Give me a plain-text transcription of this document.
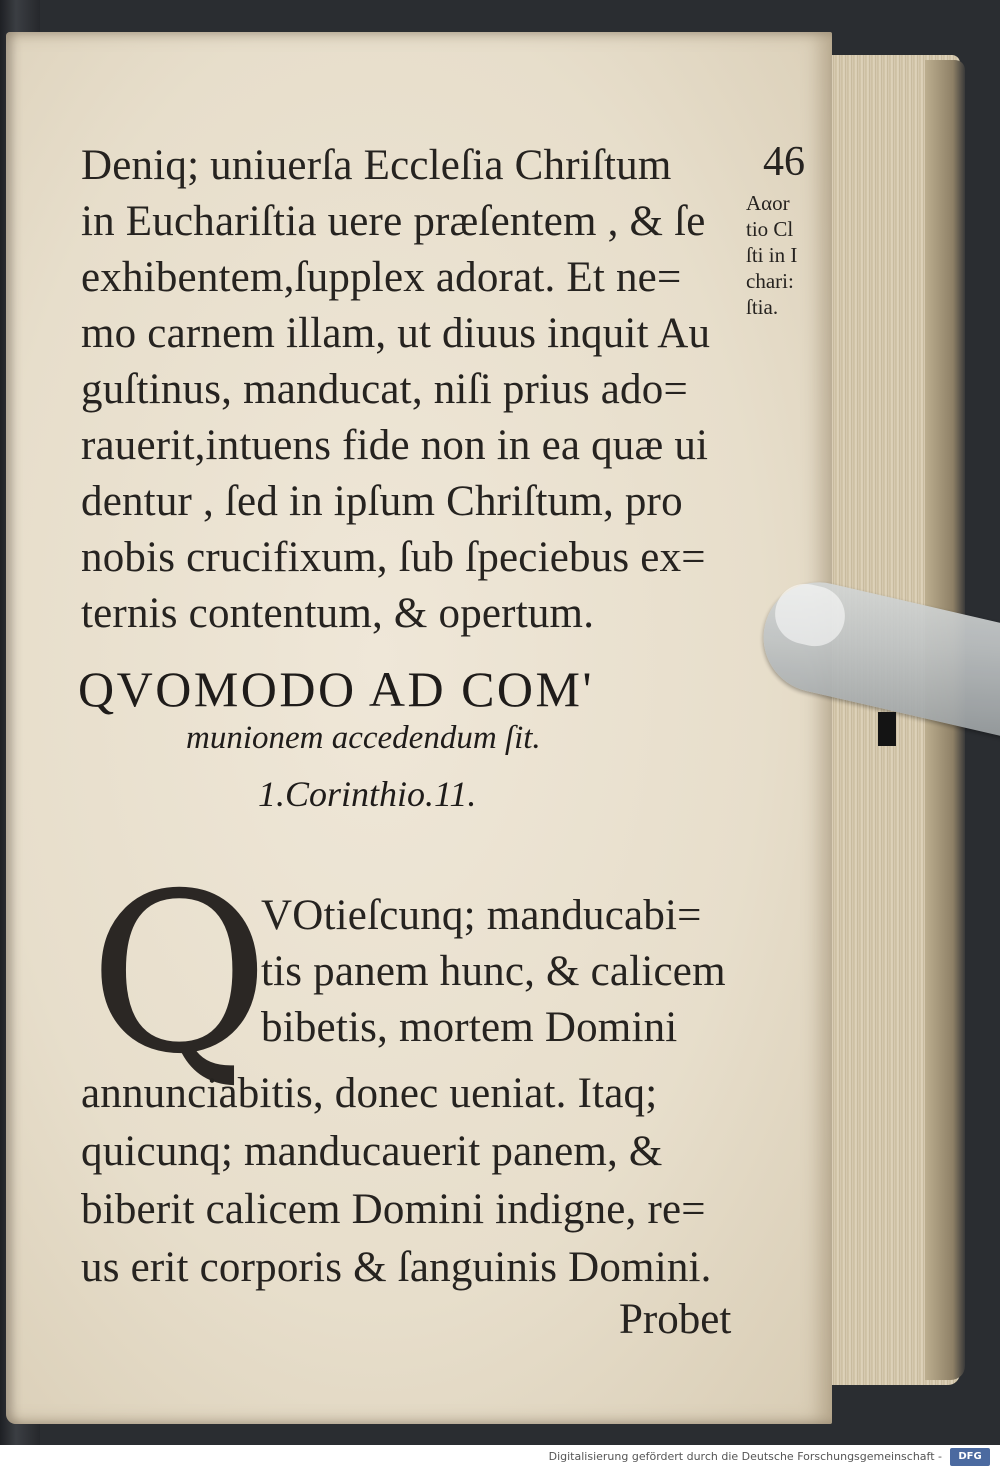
46
Deniq; uniuerſa Eccleſia Chriſtum
in Euchariſtia uere præſentem , & ſe
exhibentem,ſupplex adorat. Et ne=
mo carnem illam, ut diuus inquit Au
guſtinus, manducat, niſi prius ado=
rauerit,intuens fide non in ea quæ ui
dentur , ſed in ipſum Chriſtum, pro
nobis crucifixum, ſub ſpeciebus ex=
ternis contentum, & opertum.
Aαor
tio Cl
ſti in I
chari:
ſtia.
QVOMODO AD COM'
munionem accedendum ſit.
1.Corinthio.11.
Q
VOtieſcunq; manducabi=
tis panem hunc, & calicem
bibetis, mortem Domini
annunciabitis, donec ueniat. Itaq;
quicunq; manducauerit panem, &
biberit calicem Domini indigne, re=
us erit corporis & ſanguinis Domini.
Probet
Digitalisierung gefördert durch die Deutsche Forschungsgemeinschaft -	DFG
